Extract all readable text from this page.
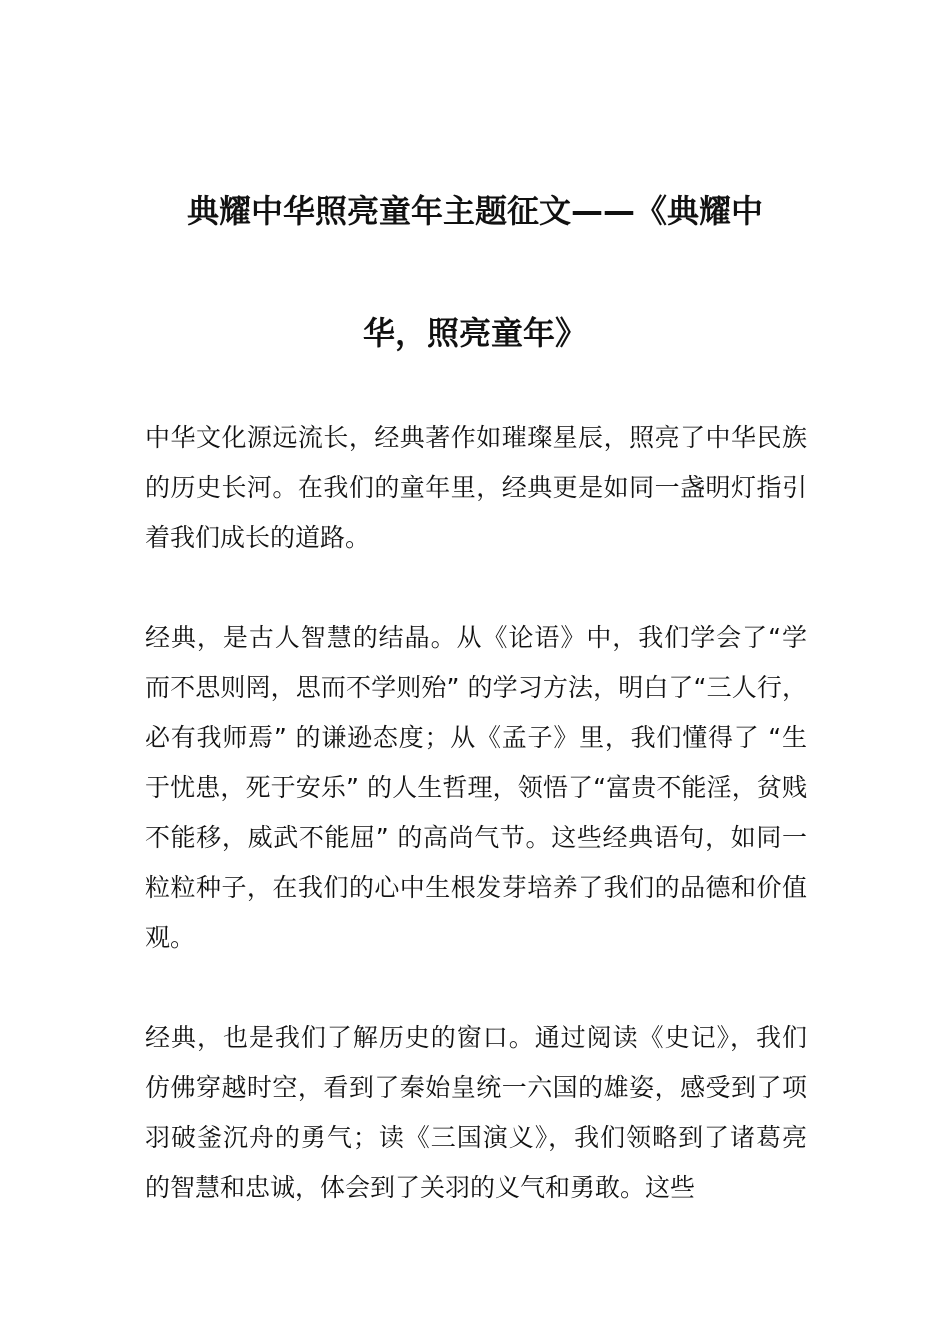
典耀中华照亮童年主题征文——《典耀中
华，照亮童年》

中华文化源远流长，经典著作如璀璨星辰，照亮了中华民族的历史长河。在我们的童年里，经典更是如同一盏明灯指引着我们成长的道路。

经典，是古人智慧的结晶。从《论语》中，我们学会了“学而不思则罔，思而不学则殆” 的学习方法，明白了“三人行，必有我师焉” 的谦逊态度；从《孟子》里，我们懂得了 “生于忧患，死于安乐” 的人生哲理，领悟了“富贵不能淫，贫贱不能移，威武不能屈” 的高尚气节。这些经典语句，如同一粒粒种子，在我们的心中生根发芽培养了我们的品德和价值观。

经典，也是我们了解历史的窗口。通过阅读《史记》，我们仿佛穿越时空，看到了秦始皇统一六国的雄姿，感受到了项羽破釜沉舟的勇气；读《三国演义》，我们领略到了诸葛亮的智慧和忠诚，体会到了关羽的义气和勇敢。这些
